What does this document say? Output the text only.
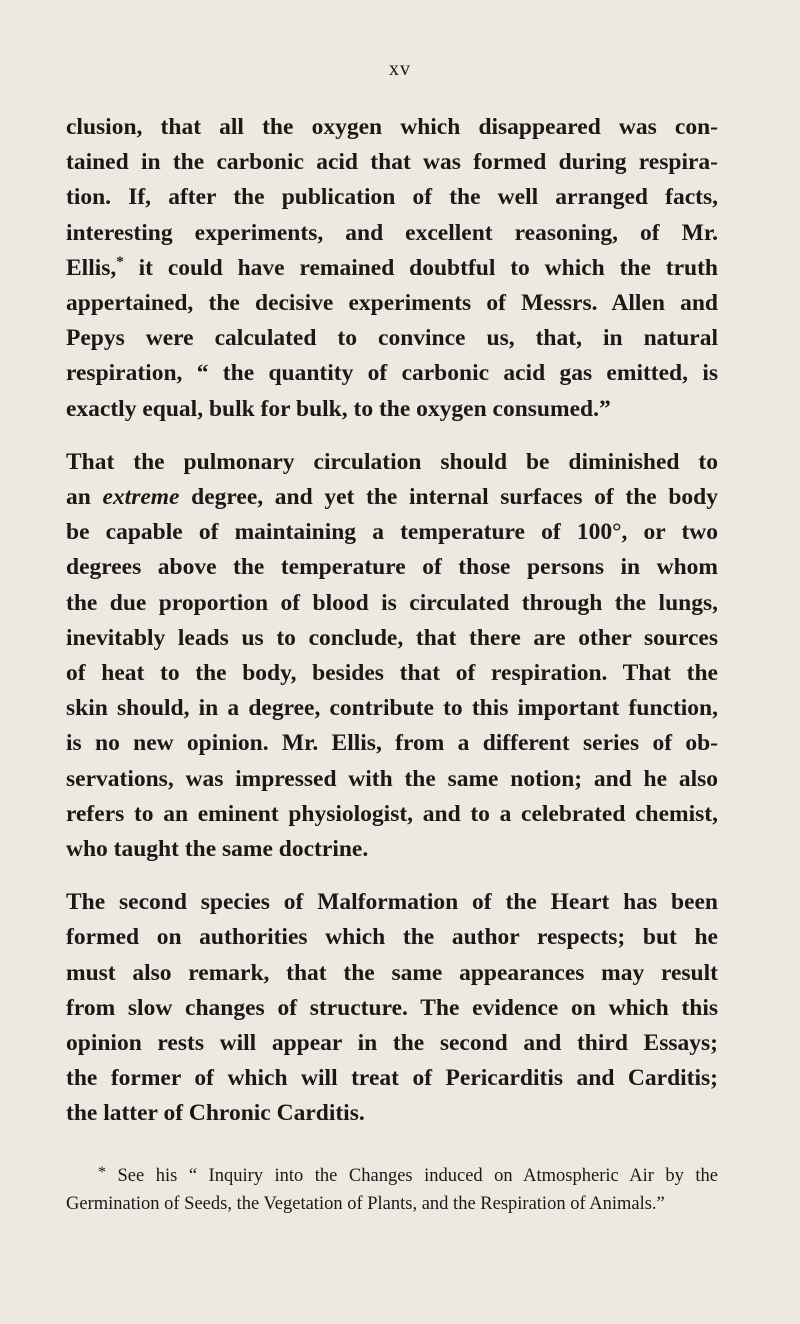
xv

clusion, that all the oxygen which disappeared was con-
tained in the carbonic acid that was formed during respira-
tion. If, after the publication of the well arranged facts,
interesting experiments, and excellent reasoning, of Mr.
Ellis,* it could have remained doubtful to which the truth
appertained, the decisive experiments of Messrs. Allen and
Pepys were calculated to convince us, that, in natural
respiration, “ the quantity of carbonic acid gas emitted, is
exactly equal, bulk for bulk, to the oxygen consumed.”

That the pulmonary circulation should be diminished to
an extreme degree, and yet the internal surfaces of the body
be capable of maintaining a temperature of 100°, or two
degrees above the temperature of those persons in whom
the due proportion of blood is circulated through the lungs,
inevitably leads us to conclude, that there are other sources
of heat to the body, besides that of respiration. That the
skin should, in a degree, contribute to this important function,
is no new opinion. Mr. Ellis, from a different series of ob-
servations, was impressed with the same notion; and he also
refers to an eminent physiologist, and to a celebrated chemist,
who taught the same doctrine.

The second species of Malformation of the Heart has been
formed on authorities which the author respects; but he
must also remark, that the same appearances may result
from slow changes of structure. The evidence on which this
opinion rests will appear in the second and third Essays;
the former of which will treat of Pericarditis and Carditis;
the latter of Chronic Carditis.

* See his “ Inquiry into the Changes induced on Atmospheric Air by the
Germination of Seeds, the Vegetation of Plants, and the Respiration of Animals.”
